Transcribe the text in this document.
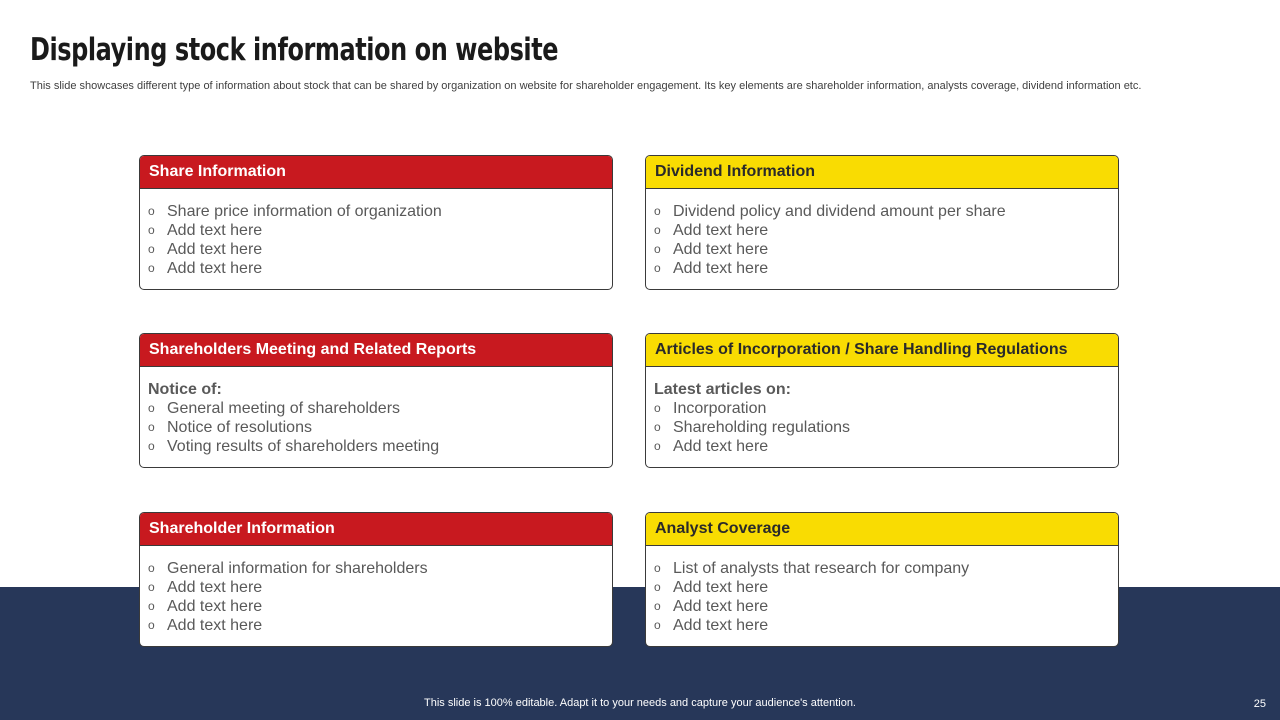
Displaying stock information on website
This slide showcases different type of information about stock that can be shared by organization on website for shareholder engagement. Its key elements are shareholder information, analysts coverage, dividend information etc.
Share Information
o Share price information of organization
o Add text here
o Add text here
o Add text here
Dividend Information
o Dividend policy and dividend amount per share
o Add text here
o Add text here
o Add text here
Shareholders Meeting and Related Reports
Notice of:
o General meeting of shareholders
o Notice of resolutions
o Voting results of shareholders meeting
Articles of Incorporation / Share Handling Regulations
Latest articles on:
o Incorporation
o Shareholding regulations
o Add text here
Shareholder Information
o General information for shareholders
o Add text here
o Add text here
o Add text here
Analyst Coverage
o List of analysts that research for company
o Add text here
o Add text here
o Add text here
This slide is 100% editable. Adapt it to your needs and capture your audience's attention.	25
